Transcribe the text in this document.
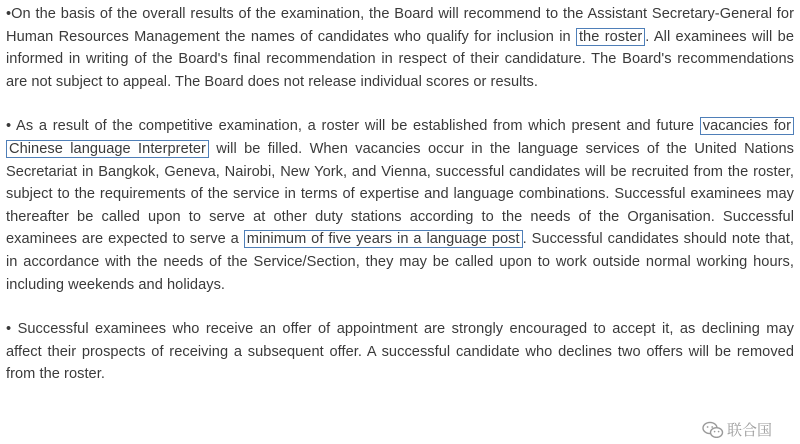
•On the basis of the overall results of the examination, the Board will recommend to the Assistant Secretary-General for Human Resources Management the names of candidates who qualify for inclusion in the roster . All examinees will be informed in writing of the Board's final recommendation in respect of their candidature. The Board's recommendations are not subject to appeal. The Board does not release individual scores or results.

• As a result of the competitive examination, a roster will be established from which present and future vacancies for Chinese language Interpreter will be filled. When vacancies occur in the language services of the United Nations Secretariat in Bangkok, Geneva, Nairobi, New York, and Vienna, successful candidates will be recruited from the roster, subject to the requirements of the service in terms of expertise and language combinations. Successful examinees may thereafter be called upon to serve at other duty stations according to the needs of the Organisation. Successful examinees are expected to serve a minimum of five years in a language post . Successful candidates should note that, in accordance with the needs of the Service/Section, they may be called upon to work outside normal working hours, including weekends and holidays.

• Successful examinees who receive an offer of appointment are strongly encouraged to accept it, as declining may affect their prospects of receiving a subsequent offer. A successful candidate who declines two offers will be removed from the roster.

联合国
